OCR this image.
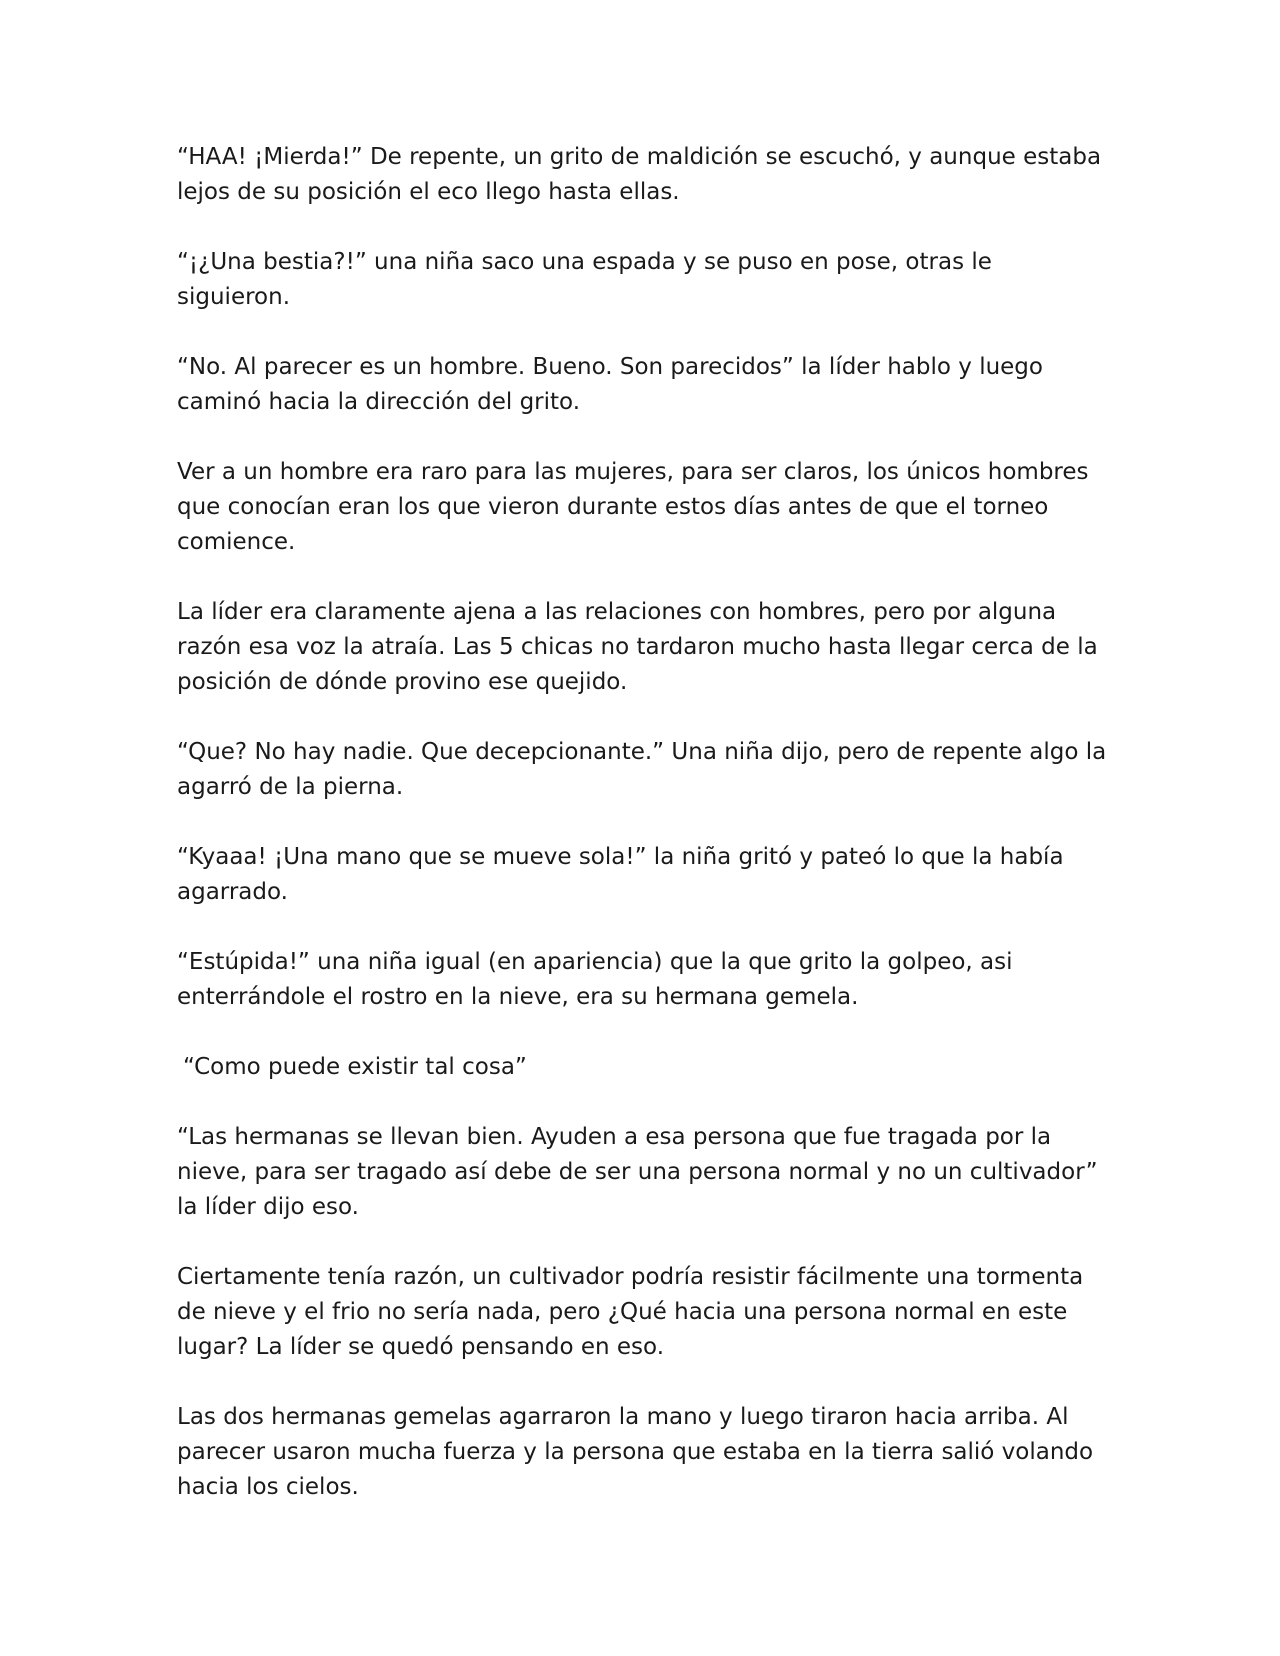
“HAA! ¡Mierda!” De repente, un grito de maldición se escuchó, y aunque estaba
lejos de su posición el eco llego hasta ellas.

“¡¿Una bestia?!” una niña saco una espada y se puso en pose, otras le siguieron.

“No. Al parecer es un hombre. Bueno. Son parecidos” la líder hablo y luego
caminó hacia la dirección del grito.

Ver a un hombre era raro para las mujeres, para ser claros, los únicos hombres
que conocían eran los que vieron durante estos días antes de que el torneo
comience.

La líder era claramente ajena a las relaciones con hombres, pero por alguna
razón esa voz la atraía. Las 5 chicas no tardaron mucho hasta llegar cerca de la
posición de dónde provino ese quejido.

“Que? No hay nadie. Que decepcionante.” Una niña dijo, pero de repente algo la
agarró de la pierna.

“Kyaaa! ¡Una mano que se mueve sola!” la niña gritó y pateó lo que la había
agarrado.

“Estúpida!” una niña igual (en apariencia) que la que grito la golpeo, asi
enterrándole el rostro en la nieve, era su hermana gemela.

“Como puede existir tal cosa”

“Las hermanas se llevan bien. Ayuden a esa persona que fue tragada por la
nieve, para ser tragado así debe de ser una persona normal y no un cultivador”
la líder dijo eso.

Ciertamente tenía razón, un cultivador podría resistir fácilmente una tormenta
de nieve y el frio no sería nada, pero ¿Qué hacia una persona normal en este
lugar? La líder se quedó pensando en eso.

Las dos hermanas gemelas agarraron la mano y luego tiraron hacia arriba. Al
parecer usaron mucha fuerza y la persona que estaba en la tierra salió volando
hacia los cielos.
